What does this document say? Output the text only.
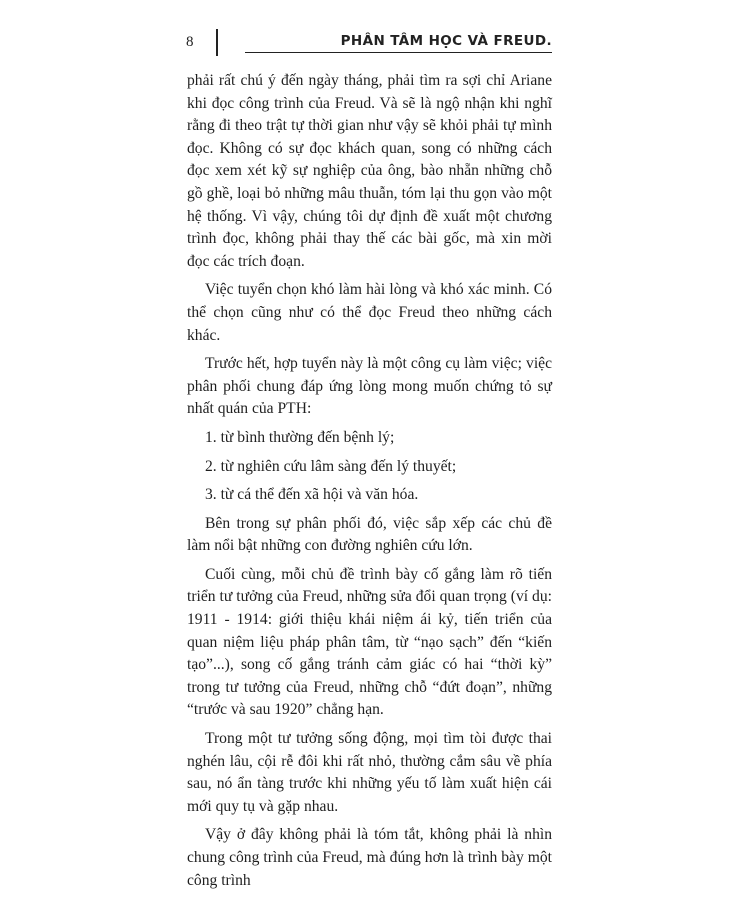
8	PHÂN TÂM HỌC VÀ FREUD.

phải rất chú ý đến ngày tháng, phải tìm ra sợi chỉ Ariane khi đọc công trình của Freud. Và sẽ là ngộ nhận khi nghĩ rằng đi theo trật tự thời gian như vậy sẽ khỏi phải tự mình đọc. Không có sự đọc khách quan, song có những cách đọc xem xét kỹ sự nghiệp của ông, bào nhẵn những chỗ gồ ghề, loại bỏ những mâu thuẫn, tóm lại thu gọn vào một hệ thống. Vì vậy, chúng tôi dự định đề xuất một chương trình đọc, không phải thay thế các bài gốc, mà xin mời đọc các trích đoạn.

Việc tuyển chọn khó làm hài lòng và khó xác minh. Có thể chọn cũng như có thể đọc Freud theo những cách khác.

Trước hết, hợp tuyển này là một công cụ làm việc; việc phân phối chung đáp ứng lòng mong muốn chứng tỏ sự nhất quán của PTH:

1. từ bình thường đến bệnh lý;
2. từ nghiên cứu lâm sàng đến lý thuyết;
3. từ cá thể đến xã hội và văn hóa.

Bên trong sự phân phối đó, việc sắp xếp các chủ đề làm nổi bật những con đường nghiên cứu lớn.

Cuối cùng, mỗi chủ đề trình bày cố gắng làm rõ tiến triển tư tưởng của Freud, những sửa đổi quan trọng (ví dụ: 1911 - 1914: giới thiệu khái niệm ái kỷ, tiến triển của quan niệm liệu pháp phân tâm, từ “nạo sạch” đến “kiến tạo”...), song cố gắng tránh cảm giác có hai “thời kỳ” trong tư tưởng của Freud, những chỗ “đứt đoạn”, những “trước và sau 1920” chẳng hạn.

Trong một tư tưởng sống động, mọi tìm tòi được thai nghén lâu, cội rễ đôi khi rất nhỏ, thường cắm sâu về phía sau, nó ẩn tàng trước khi những yếu tố làm xuất hiện cái mới quy tụ và gặp nhau.

Vậy ở đây không phải là tóm tắt, không phải là nhìn chung công trình của Freud, mà đúng hơn là trình bày một công trình
